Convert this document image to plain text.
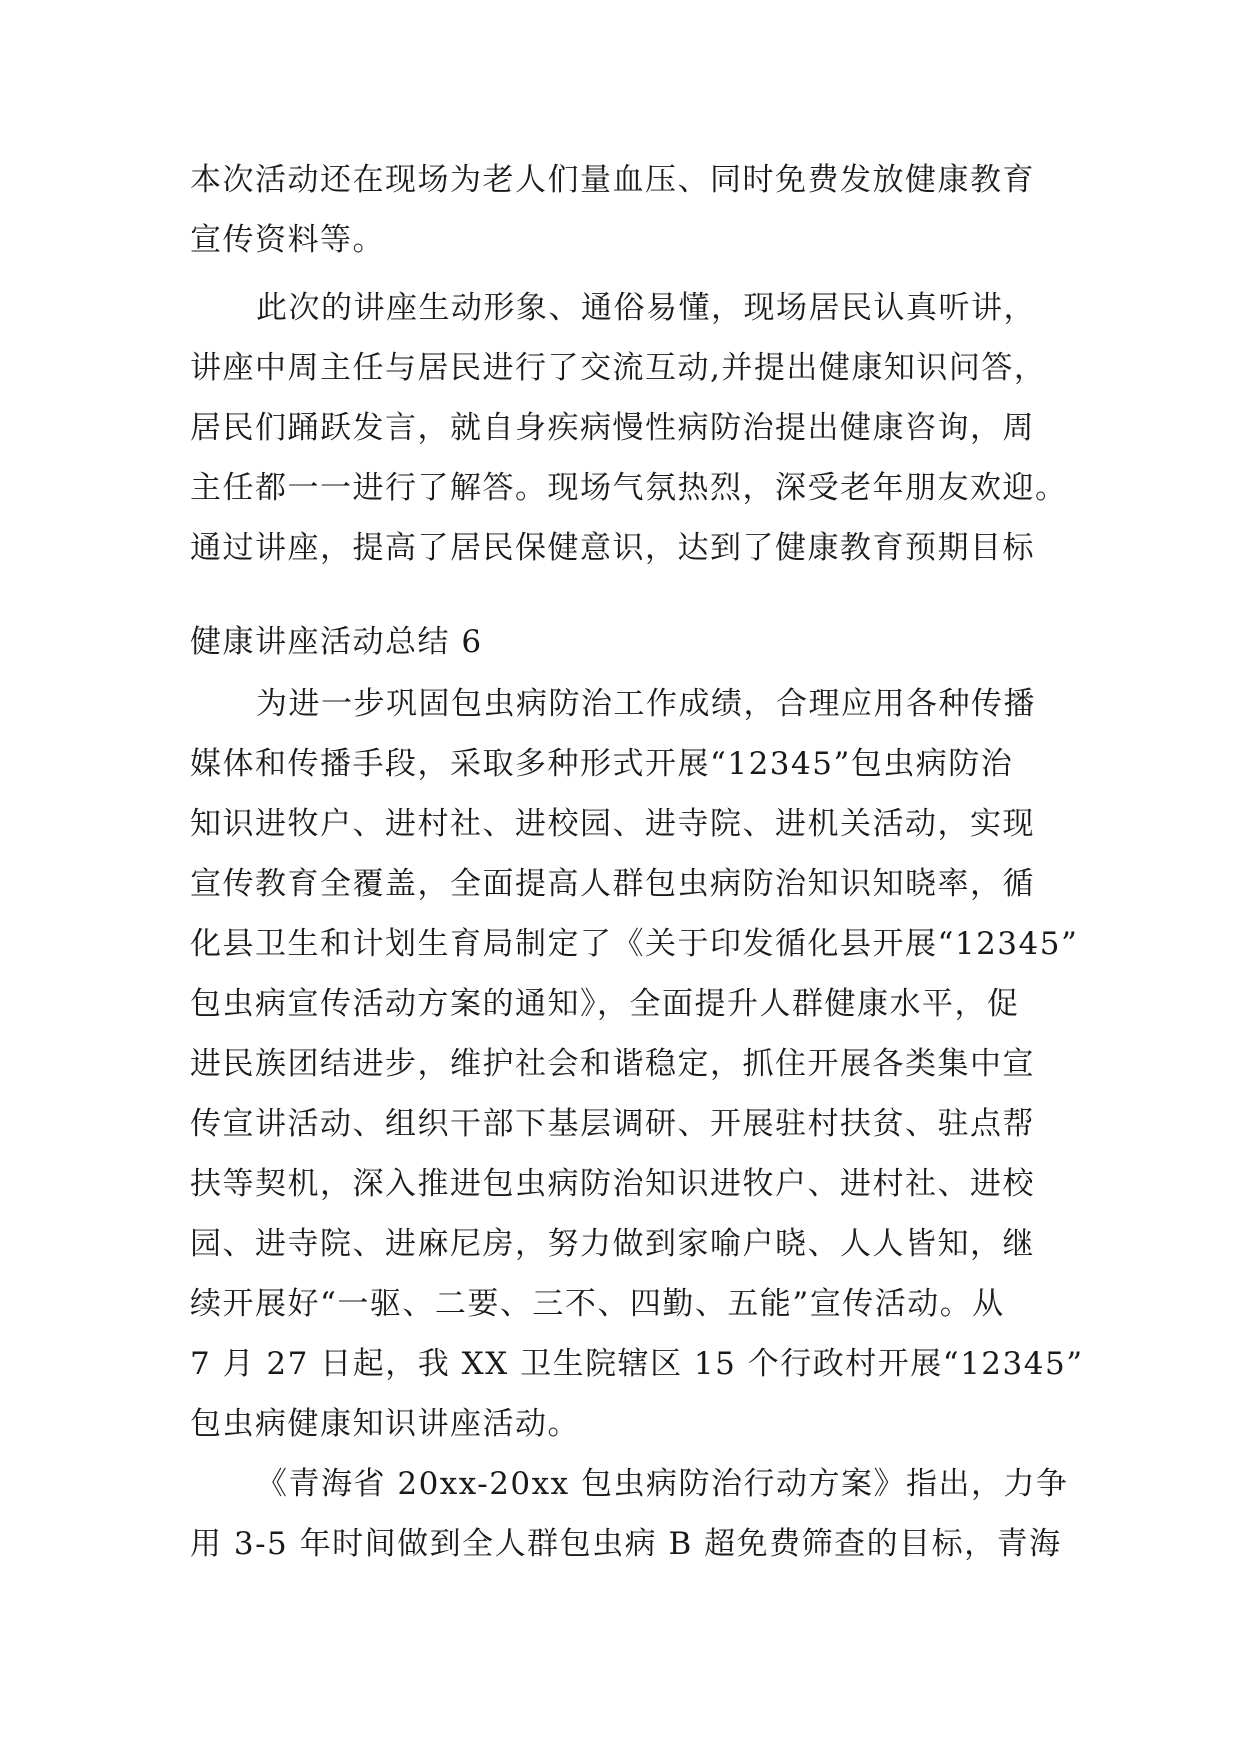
本次活动还在现场为老人们量血压、同时免费发放健康教育
宣传资料等。
此次的讲座生动形象、通俗易懂，现场居民认真听讲，
讲座中周主任与居民进行了交流互动,并提出健康知识问答，
居民们踊跃发言，就自身疾病慢性病防治提出健康咨询，周
主任都一一进行了解答。现场气氛热烈，深受老年朋友欢迎。
通过讲座，提高了居民保健意识，达到了健康教育预期目标
健康讲座活动总结 6
为进一步巩固包虫病防治工作成绩，合理应用各种传播
媒体和传播手段，采取多种形式开展“12345”包虫病防治
知识进牧户、进村社、进校园、进寺院、进机关活动，实现
宣传教育全覆盖，全面提高人群包虫病防治知识知晓率，循
化县卫生和计划生育局制定了《关于印发循化县开展“12345”
包虫病宣传活动方案的通知》，全面提升人群健康水平，促
进民族团结进步，维护社会和谐稳定，抓住开展各类集中宣
传宣讲活动、组织干部下基层调研、开展驻村扶贫、驻点帮
扶等契机，深入推进包虫病防治知识进牧户、进村社、进校
园、进寺院、进麻尼房，努力做到家喻户晓、人人皆知，继
续开展好“一驱、二要、三不、四勤、五能”宣传活动。从
7 月 27 日起，我 XX 卫生院辖区 15 个行政村开展“12345”
包虫病健康知识讲座活动。
《青海省 20xx-20xx 包虫病防治行动方案》指出，力争
用 3-5 年时间做到全人群包虫病 B 超免费筛查的目标，青海
